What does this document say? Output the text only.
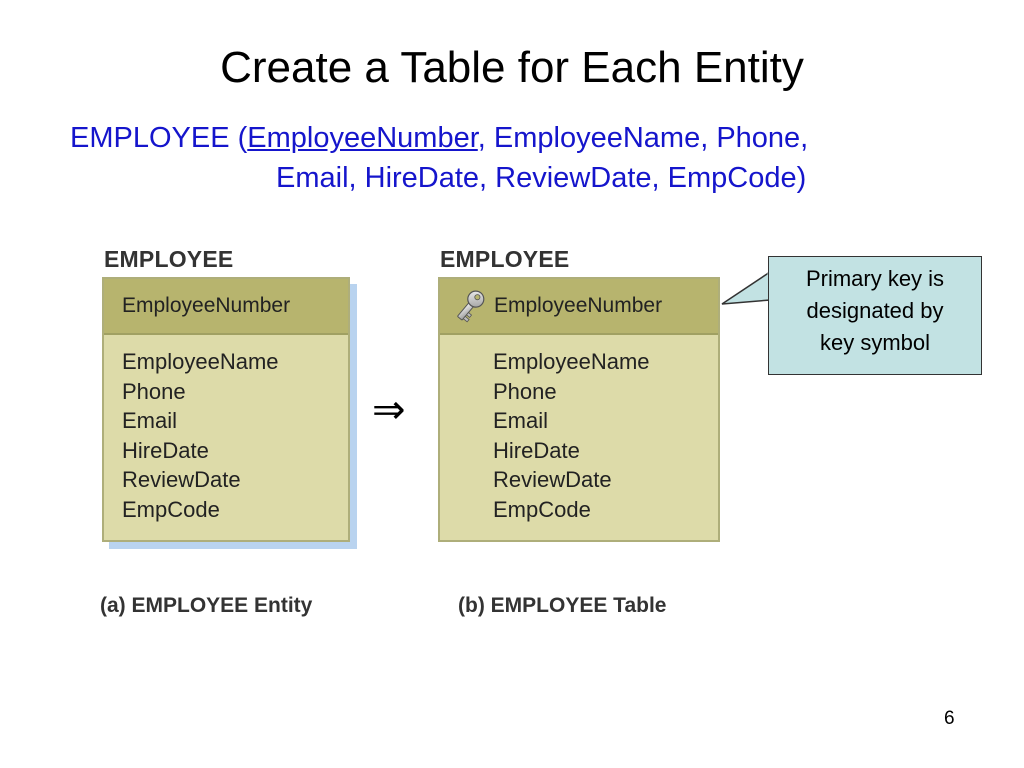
Create a Table for Each Entity
EMPLOYEE (EmployeeNumber, EmployeeName, Phone,
Email, HireDate, ReviewDate, EmpCode)
EMPLOYEE
EmployeeNumber
EmployeeName
Phone
Email
HireDate
ReviewDate
EmpCode
⇒
EMPLOYEE
EmployeeNumber
EmployeeName
Phone
Email
HireDate
ReviewDate
EmpCode
Primary key is
designated by
key symbol
(a) EMPLOYEE Entity	(b) EMPLOYEE Table
6
